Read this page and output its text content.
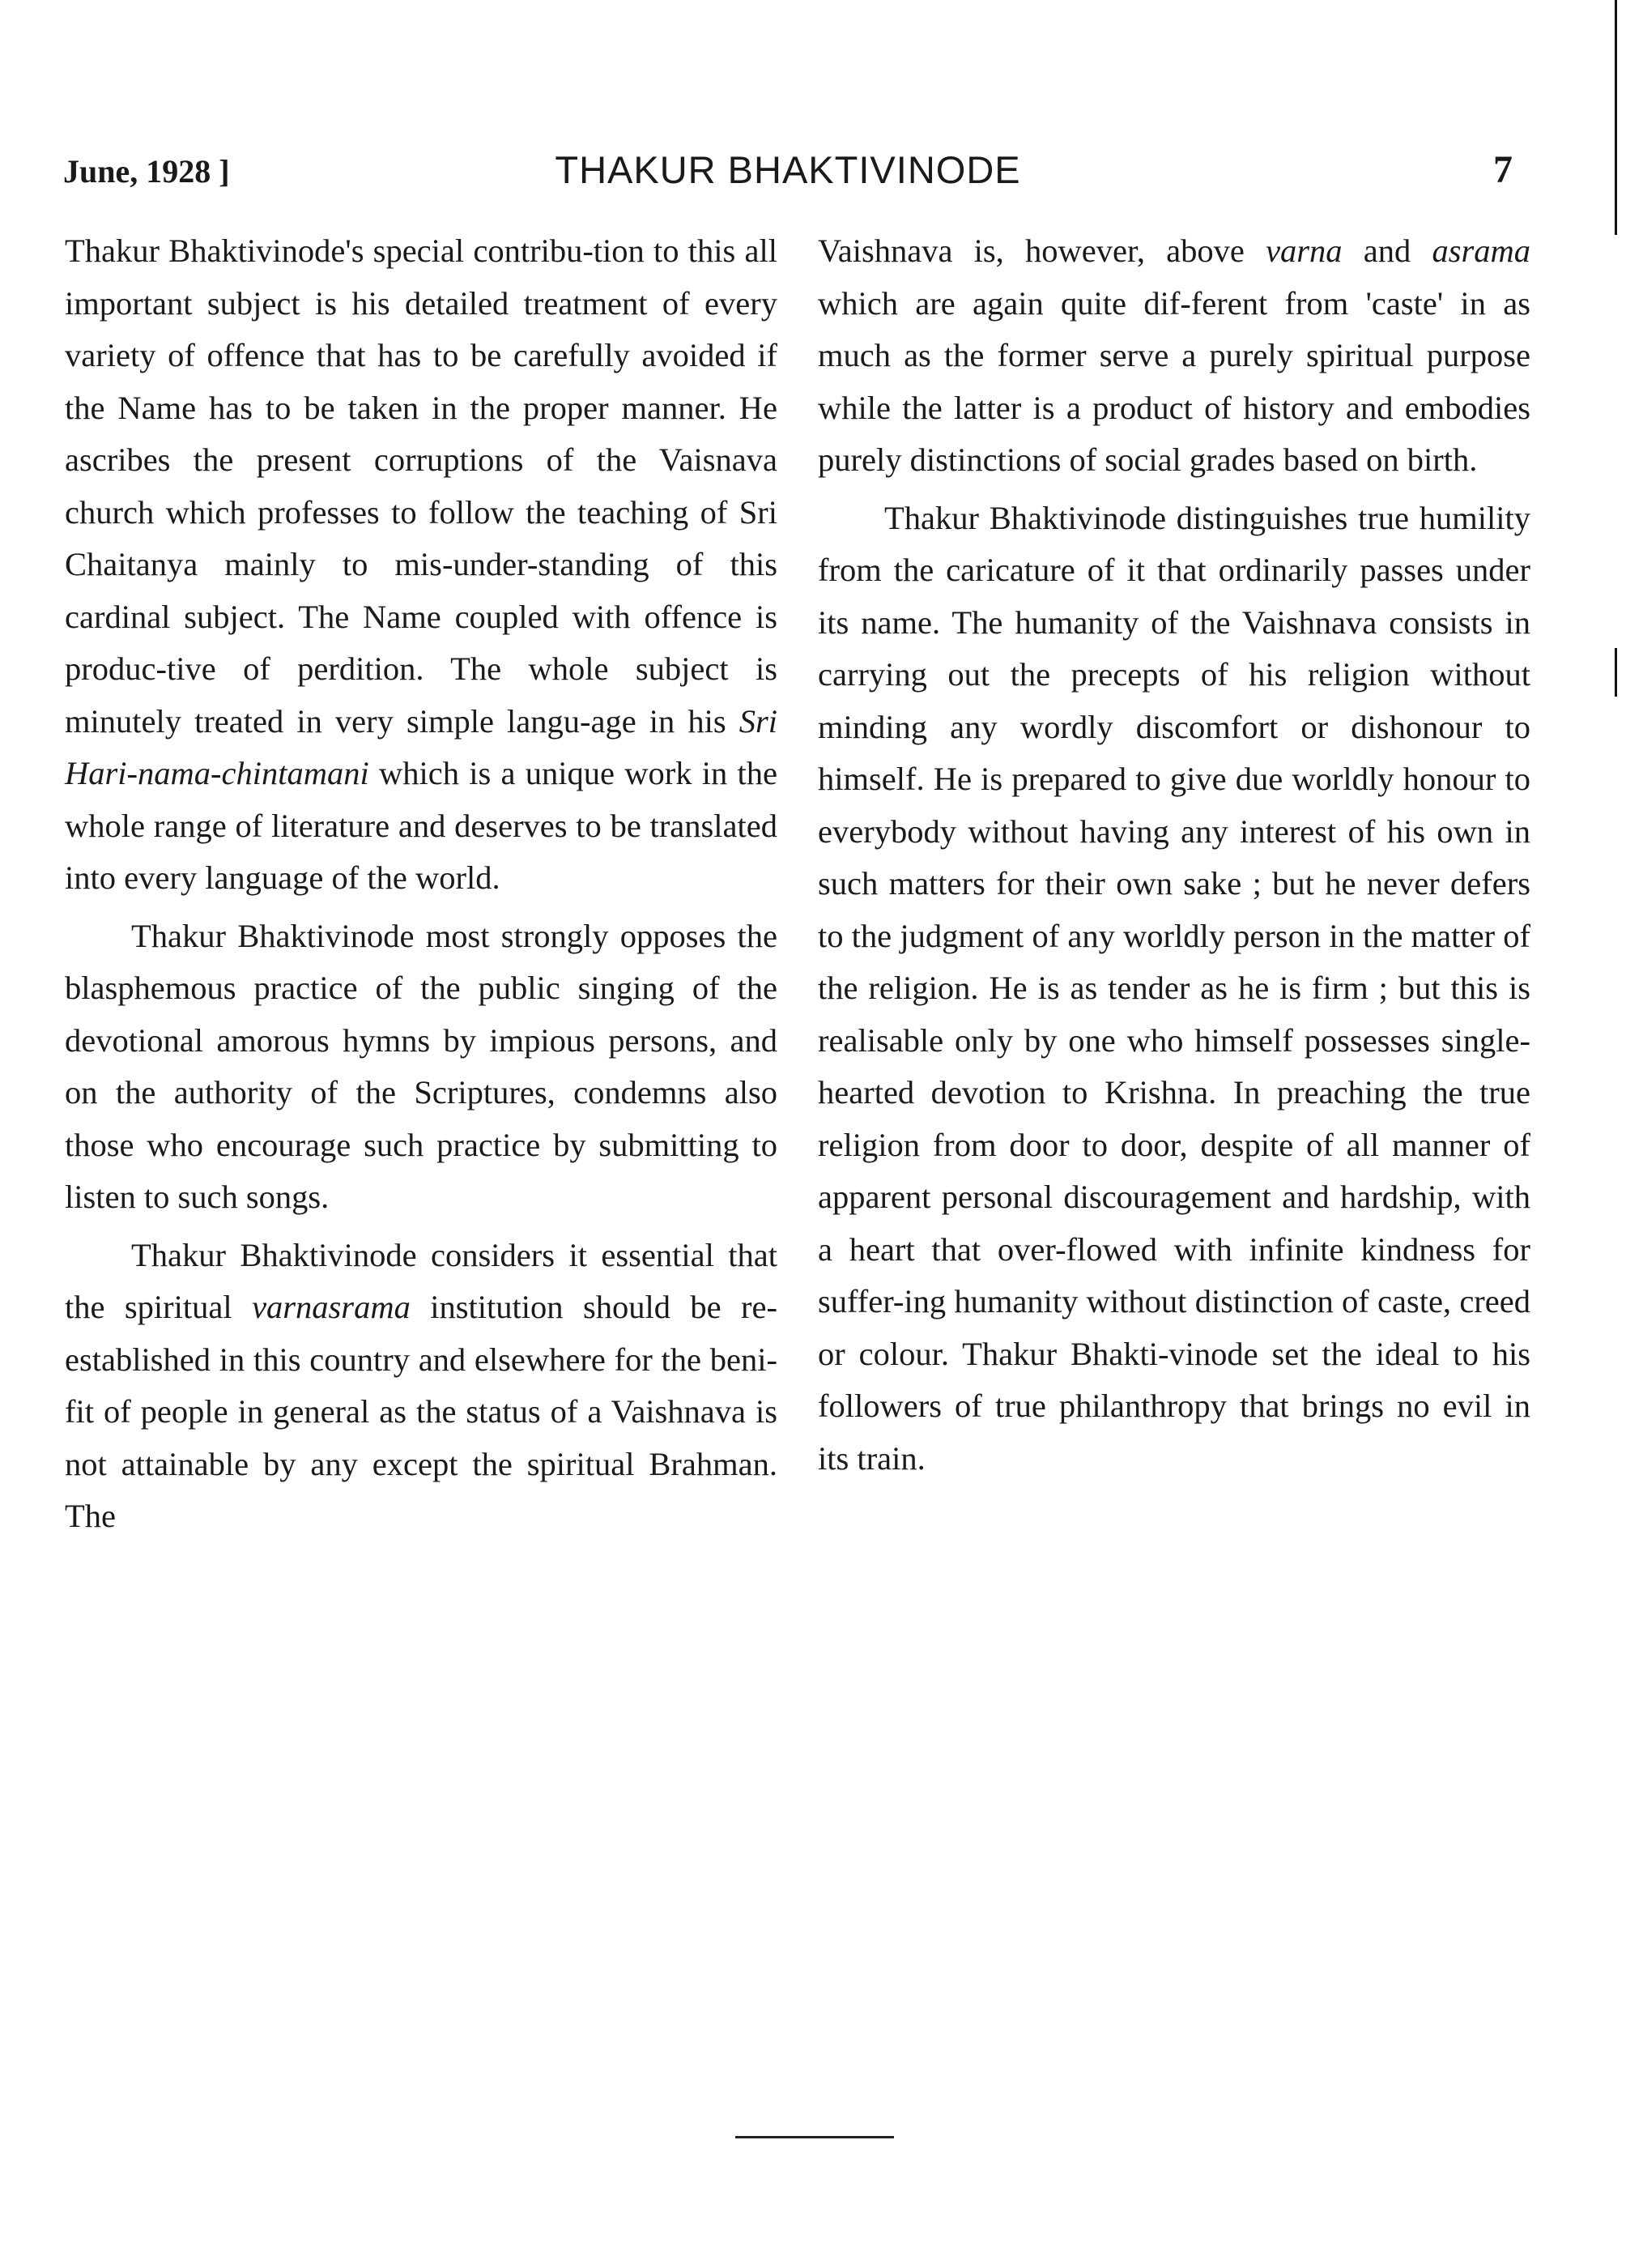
June, 1928 ]	THAKUR BHAKTIVINODE	7

Thakur Bhaktivinode's special contribu-tion to this all important subject is his detailed treatment of every variety of offence that has to be carefully avoided if the Name has to be taken in the proper manner. He ascribes the present corruptions of the Vaisnava church which professes to follow the teaching of Sri Chaitanya mainly to mis-under-standing of this cardinal subject. The Name coupled with offence is produc-tive of perdition. The whole subject is minutely treated in very simple langu-age in his Sri Hari-nama-chintamani which is a unique work in the whole range of literature and deserves to be translated into every language of the world.

Thakur Bhaktivinode most strongly opposes the blasphemous practice of the public singing of the devotional amorous hymns by impious persons, and on the authority of the Scriptures, condemns also those who encourage such practice by submitting to listen to such songs.

Thakur Bhaktivinode considers it essential that the spiritual varnasrama institution should be re-established in this country and elsewhere for the beni-fit of people in general as the status of a Vaishnava is not attainable by any except the spiritual Brahman. The

Vaishnava is, however, above varna and asrama which are again quite dif-ferent from 'caste' in as much as the former serve a purely spiritual purpose while the latter is a product of history and embodies purely distinctions of social grades based on birth.

Thakur Bhaktivinode distinguishes true humility from the caricature of it that ordinarily passes under its name. The humanity of the Vaishnava consists in carrying out the precepts of his religion without minding any wordly discomfort or dishonour to himself. He is prepared to give due worldly honour to everybody without having any interest of his own in such matters for their own sake ; but he never defers to the judgment of any worldly person in the matter of the religion. He is as tender as he is firm ; but this is realisable only by one who himself possesses single-hearted devotion to Krishna. In preaching the true religion from door to door, despite of all manner of apparent personal discouragement and hardship, with a heart that over-flowed with infinite kindness for suffer-ing humanity without distinction of caste, creed or colour. Thakur Bhakti-vinode set the ideal to his followers of true philanthropy that brings no evil in its train.
